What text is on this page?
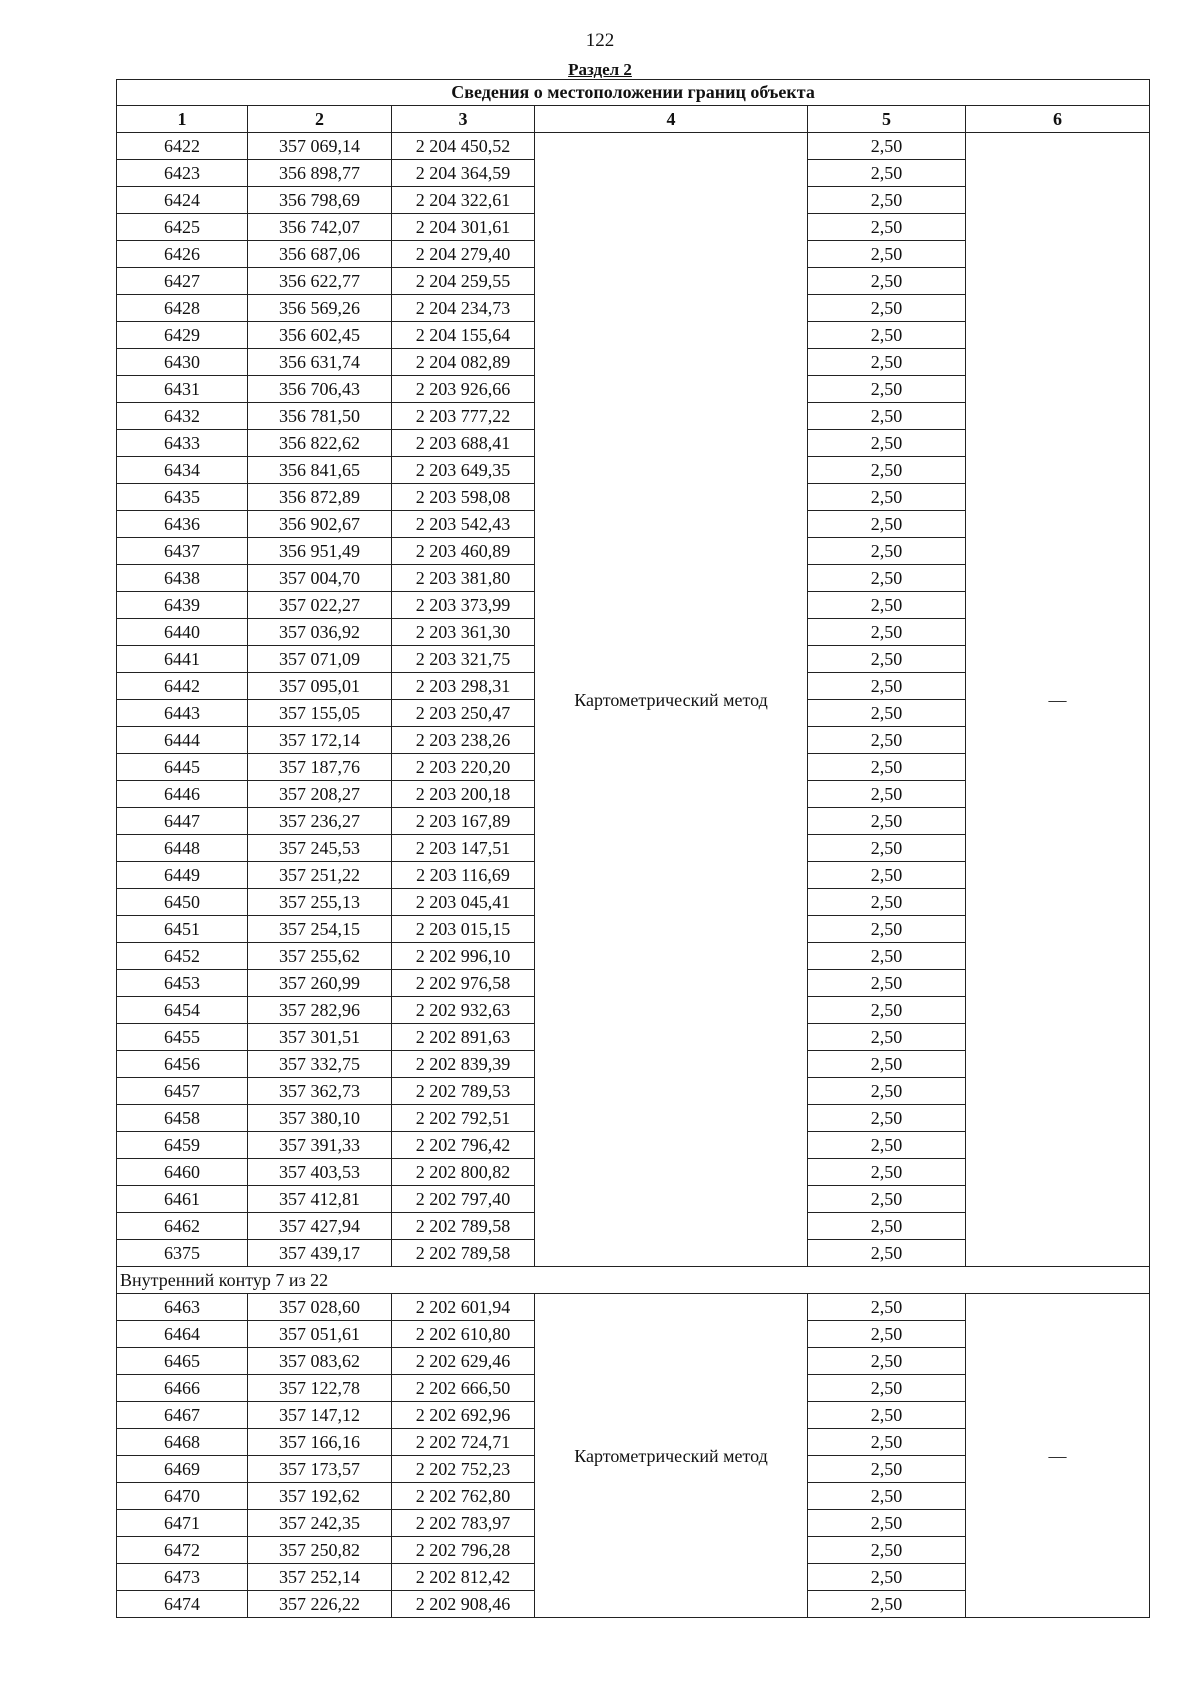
122
Раздел 2
Сведения о местоположении границ объекта					
1	2	3	4	5	6
6422	357 069,14	2 204 450,52	Картометрический метод	2,50	—
6423	356 898,77	2 204 364,59		2,50	
6424	356 798,69	2 204 322,61		2,50	
6425	356 742,07	2 204 301,61		2,50	
6426	356 687,06	2 204 279,40		2,50	
6427	356 622,77	2 204 259,55		2,50	
6428	356 569,26	2 204 234,73		2,50	
6429	356 602,45	2 204 155,64		2,50	
6430	356 631,74	2 204 082,89		2,50	
6431	356 706,43	2 203 926,66		2,50	
6432	356 781,50	2 203 777,22		2,50	
6433	356 822,62	2 203 688,41		2,50	
6434	356 841,65	2 203 649,35		2,50	
6435	356 872,89	2 203 598,08		2,50	
6436	356 902,67	2 203 542,43		2,50	
6437	356 951,49	2 203 460,89		2,50	
6438	357 004,70	2 203 381,80		2,50	
6439	357 022,27	2 203 373,99		2,50	
6440	357 036,92	2 203 361,30		2,50	
6441	357 071,09	2 203 321,75		2,50	
6442	357 095,01	2 203 298,31		2,50	
6443	357 155,05	2 203 250,47		2,50	
6444	357 172,14	2 203 238,26		2,50	
6445	357 187,76	2 203 220,20		2,50	
6446	357 208,27	2 203 200,18		2,50	
6447	357 236,27	2 203 167,89		2,50	
6448	357 245,53	2 203 147,51		2,50	
6449	357 251,22	2 203 116,69		2,50	
6450	357 255,13	2 203 045,41		2,50	
6451	357 254,15	2 203 015,15		2,50	
6452	357 255,62	2 202 996,10		2,50	
6453	357 260,99	2 202 976,58		2,50	
6454	357 282,96	2 202 932,63		2,50	
6455	357 301,51	2 202 891,63		2,50	
6456	357 332,75	2 202 839,39		2,50	
6457	357 362,73	2 202 789,53		2,50	
6458	357 380,10	2 202 792,51		2,50	
6459	357 391,33	2 202 796,42		2,50	
6460	357 403,53	2 202 800,82		2,50	
6461	357 412,81	2 202 797,40		2,50	
6462	357 427,94	2 202 789,58		2,50	
6375	357 439,17	2 202 789,58		2,50	
Внутренний контур 7 из 22					
6463	357 028,60	2 202 601,94	Картометрический метод	2,50	—
6464	357 051,61	2 202 610,80		2,50	
6465	357 083,62	2 202 629,46		2,50	
6466	357 122,78	2 202 666,50		2,50	
6467	357 147,12	2 202 692,96		2,50	
6468	357 166,16	2 202 724,71		2,50	
6469	357 173,57	2 202 752,23		2,50	
6470	357 192,62	2 202 762,80		2,50	
6471	357 242,35	2 202 783,97		2,50	
6472	357 250,82	2 202 796,28		2,50	
6473	357 252,14	2 202 812,42		2,50	
6474	357 226,22	2 202 908,46		2,50	
